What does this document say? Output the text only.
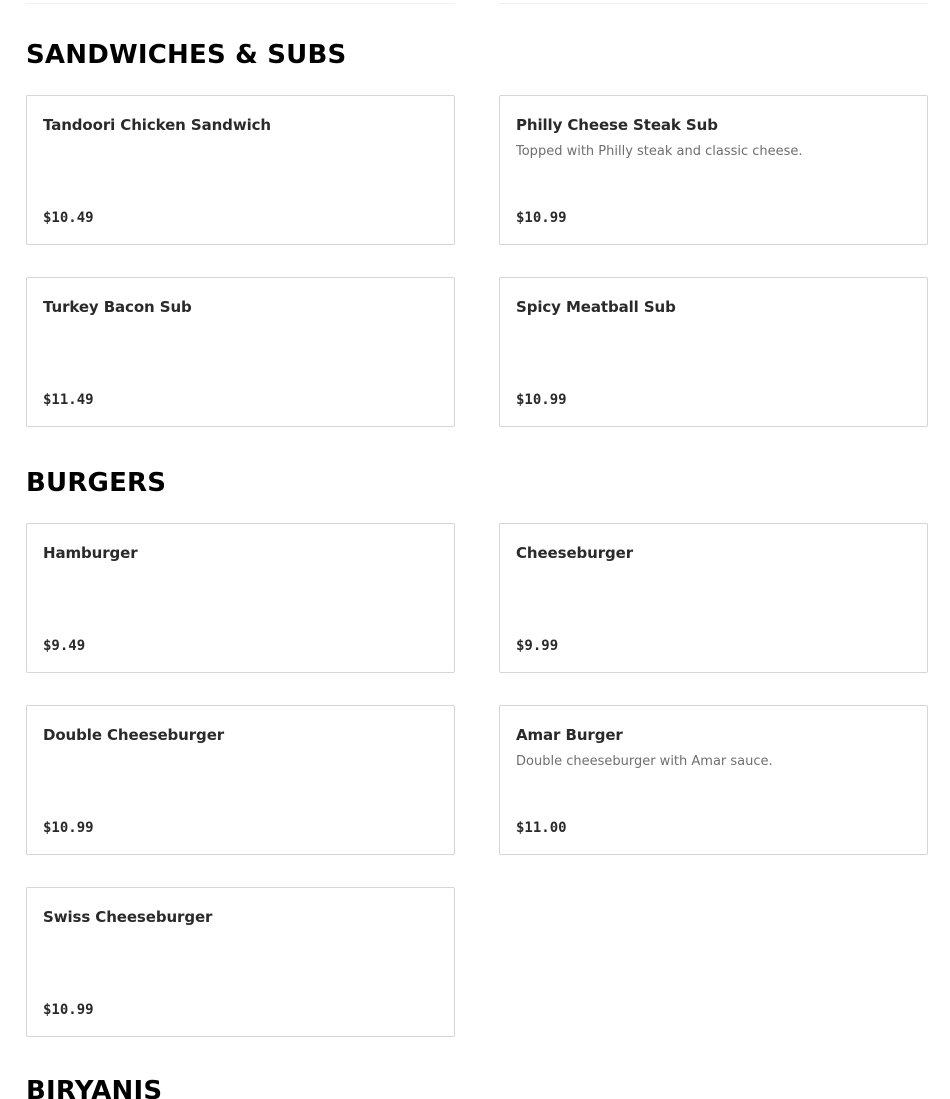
SANDWICHES & SUBS
Tandoori Chicken Sandwich
$10.49
Philly Cheese Steak Sub
Topped with Philly steak and classic cheese.
$10.99
Turkey Bacon Sub
$11.49
Spicy Meatball Sub
$10.99
BURGERS
Hamburger
$9.49
Cheeseburger
$9.99
Double Cheeseburger
$10.99
Amar Burger
Double cheeseburger with Amar sauce.
$11.00
Swiss Cheeseburger
$10.99
BIRYANIS
